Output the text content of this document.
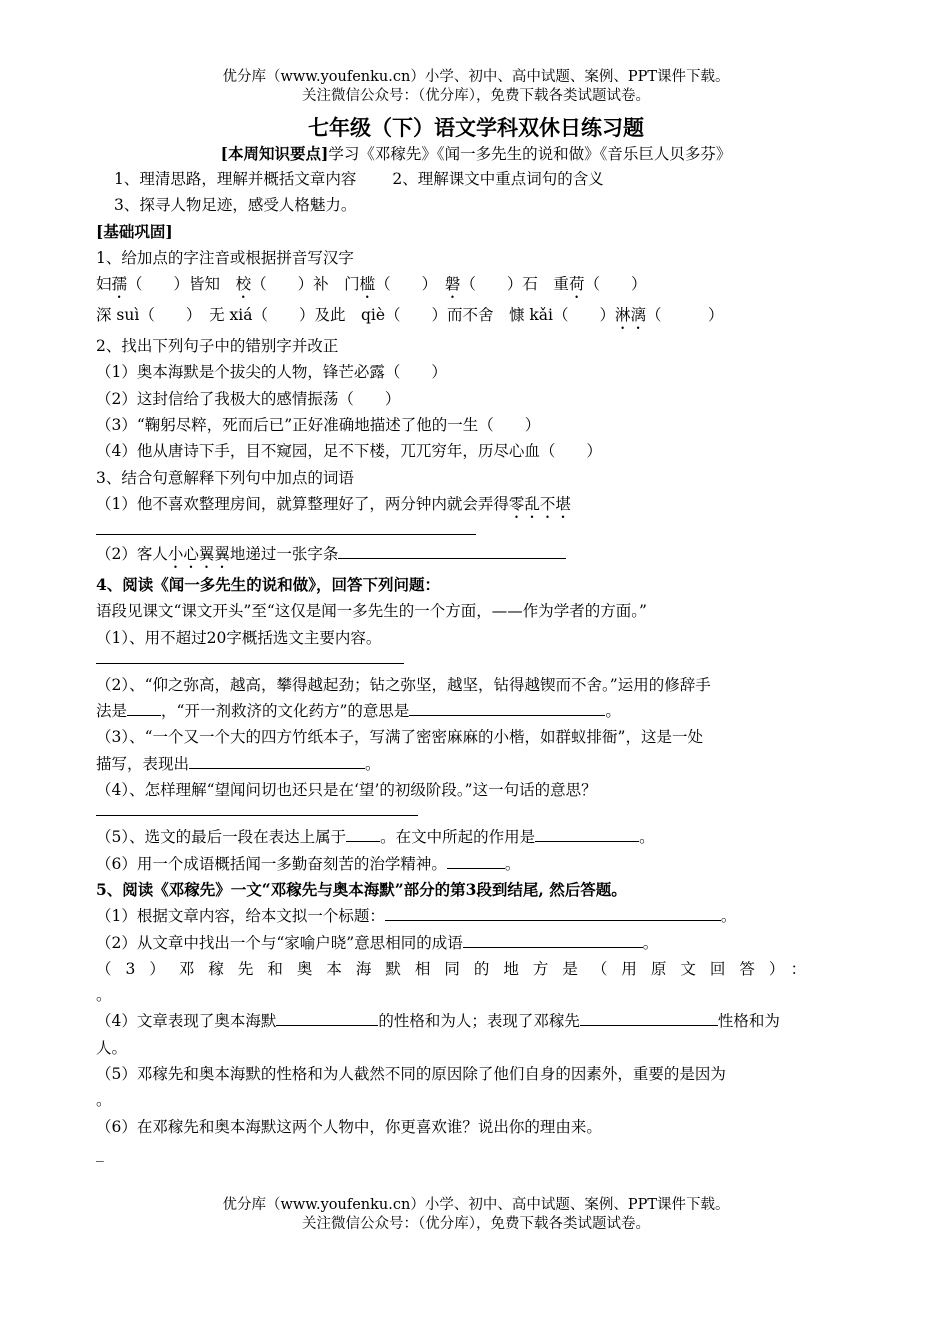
优分库（www.youfenku.cn）小学、初中、高中试题、案例、PPT课件下载。
关注微信公众号：（优分库），免费下载各类试题试卷。
七年级（下）语文学科双休日练习题
[本周知识要点]学习《邓稼先》《闻一多先生的说和做》《音乐巨人贝多芬》
1、理清思路，理解并概括文章内容 2、理解课文中重点词句的含义
3、探寻人物足迹，感受人格魅力。
[基础巩固]
1、给加点的字注音或根据拼音写汉字
妇孺（　　）皆知　校（　　）补　门槛（　　）　磐（　　）石　重荷（　　）
深 suì（　　）　无 xiá（　　）及此　qiè（　　）而不舍　慷 kǎi（　　）淋漓（　　　）
2、找出下列句子中的错别字并改正
（1）奥本海默是个拔尖的人物，锋芒必露（　　）
（2）这封信给了我极大的感情振荡（　　）
（3）“鞠躬尽粹，死而后已”正好准确地描述了他的一生（　　）
（4）他从唐诗下手，目不窥园，足不下楼，兀兀穷年，历尽心血（　　）
3、结合句意解释下列句中加点的词语
（1）他不喜欢整理房间，就算整理好了，两分钟内就会弄得零乱不堪
（2）客人小心翼翼地递过一张字条
4、阅读《闻一多先生的说和做》，回答下列问题：
语段见课文“课文开头”至“这仅是闻一多先生的一个方面，——作为学者的方面。”
（1）、用不超过20字概括选文主要内容。
（2）、“仰之弥高，越高，攀得越起劲；钻之弥坚，越坚，钻得越锲而不舍。”运用的修辞手
法是 ，“开一剂救济的文化药方”的意思是	。
（3）、“一个又一个大的四方竹纸本子，写满了密密麻麻的小楷，如群蚁排衙”，这是一处
描写，表现出	。
（4）、怎样理解“望闻问切也还只是在‘望’的初级阶段。”这一句话的意思？
（5）、选文的最后一段在表达上属于 。在文中所起的作用是	。
（6）用一个成语概括闻一多勤奋刻苦的治学精神。	。
5、阅读《邓稼先》一文“邓稼先与奥本海默”部分的第3段到结尾, 然后答题。
（1）根据文章内容，给本文拟一个标题：	。
（2）从文章中找出一个与“家喻户晓”意思相同的成语	。
（3）邓稼先和奥本海默相同的地方是（用原文回答）：
。
（4）文章表现了奥本海默	的性格和为人；表现了邓稼先	性格和为
人。
（5）邓稼先和奥本海默的性格和为人截然不同的原因除了他们自身的因素外，重要的是因为
。
（6）在邓稼先和奥本海默这两个人物中，你更喜欢谁？说出你的理由来。
_
优分库（www.youfenku.cn）小学、初中、高中试题、案例、PPT课件下载。
关注微信公众号：（优分库），免费下载各类试题试卷。
